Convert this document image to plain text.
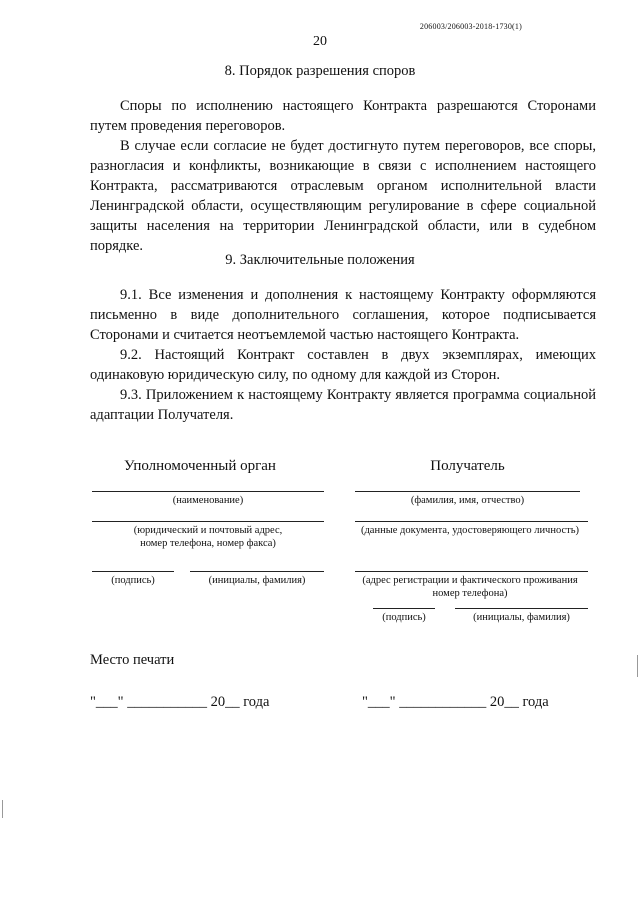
206003/206003-2018-1730(1)
20
8. Порядок разрешения споров
Споры по исполнению настоящего Контракта разрешаются Сторонами путем проведения переговоров.
В случае если согласие не будет достигнуто путем переговоров, все споры, разногласия и конфликты, возникающие в связи с исполнением настоящего Контракта, рассматриваются отраслевым органом исполнительной власти Ленинградской области, осуществляющим регулирование в сфере социальной защиты населения на территории Ленинградской области, или в судебном порядке.
9. Заключительные положения
9.1. Все изменения и дополнения к настоящему Контракту оформляются письменно в виде дополнительного соглашения, которое подписывается Сторонами и считается неотъемлемой частью настоящего Контракта.
9.2. Настоящий Контракт составлен в двух экземплярах, имеющих одинаковую юридическую силу, по одному для каждой из Сторон.
9.3. Приложением к настоящему Контракту является программа социальной адаптации Получателя.
Уполномоченный орган
(наименование)
(юридический и почтовый адрес,
номер телефона, номер факса)
(подпись)	(инициалы, фамилия)
Получатель
(фамилия, имя, отчество)
(данные документа, удостоверяющего личность)
(адрес регистрации и фактического проживания
номер телефона)
(подпись)	(инициалы, фамилия)
Место печати
"___" ___________ 20__ года	"___" ____________ 20__ года
